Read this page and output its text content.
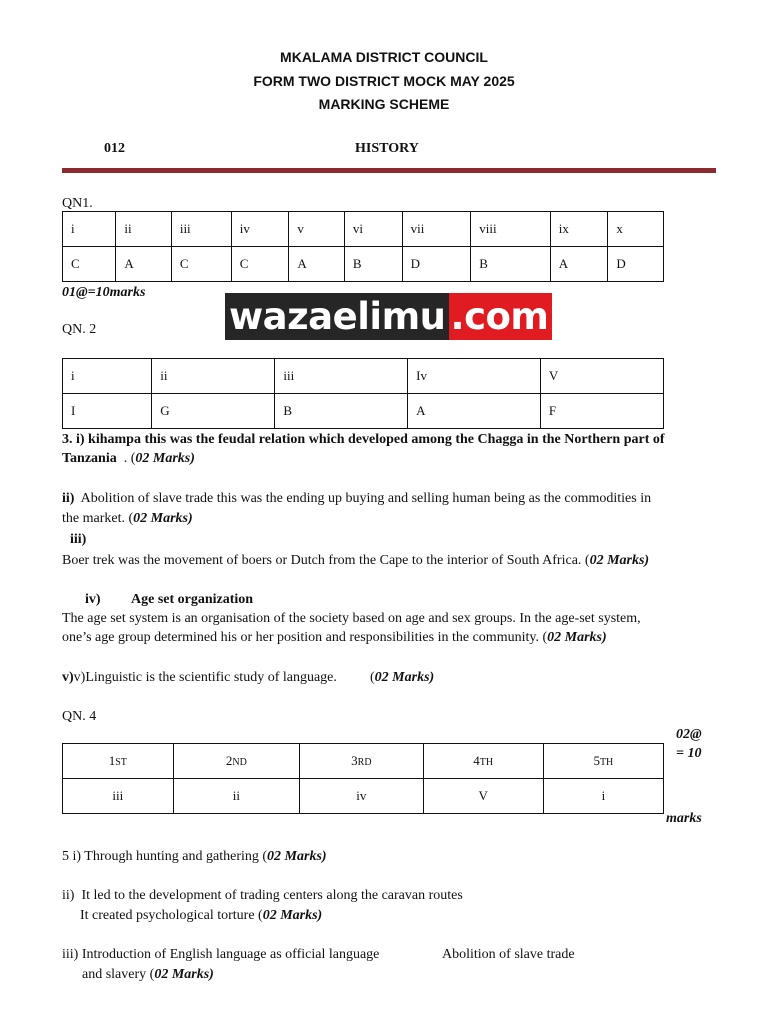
MKALAMA DISTRICT COUNCIL
FORM TWO DISTRICT MOCK MAY 2025
MARKING SCHEME
012	HISTORY
QN1.
i	ii	iii	iv	v	vi	vii	viii	ix	x
C	A	C	C	A	B	D	B	A	D
01@=10marks
wazaelimu .com
QN. 2
i	ii	iii	Iv	V
I	G	B	A	F
3. i) kihampa this was the feudal relation which developed among the Chagga in the Northern part of
Tanzania  . (02 Marks)
ii)  Abolition of slave trade this was the ending up buying and selling human being as the commodities in
the market. (02 Marks)
iii)
Boer trek was the movement of boers or Dutch from the Cape to the interior of South Africa. (02 Marks)
iv) Age set organization
The age set system is an organisation of the society based on age and sex groups. In the age-set system,
one’s age group determined his or her position and responsibilities in the community. (02 Marks)
v)v)Linguistic is the scientific study of language. (02 Marks)
QN. 4
02@
= 10
1ST	2ND	3RD	4TH	5TH
iii	ii	iv	V	i
marks
5 i) Through hunting and gathering (02 Marks)
ii)  It led to the development of trading centers along the caravan routes
It created psychological torture (02 Marks)
iii) Introduction of English language as official language	Abolition of slave trade
and slavery (02 Marks)
